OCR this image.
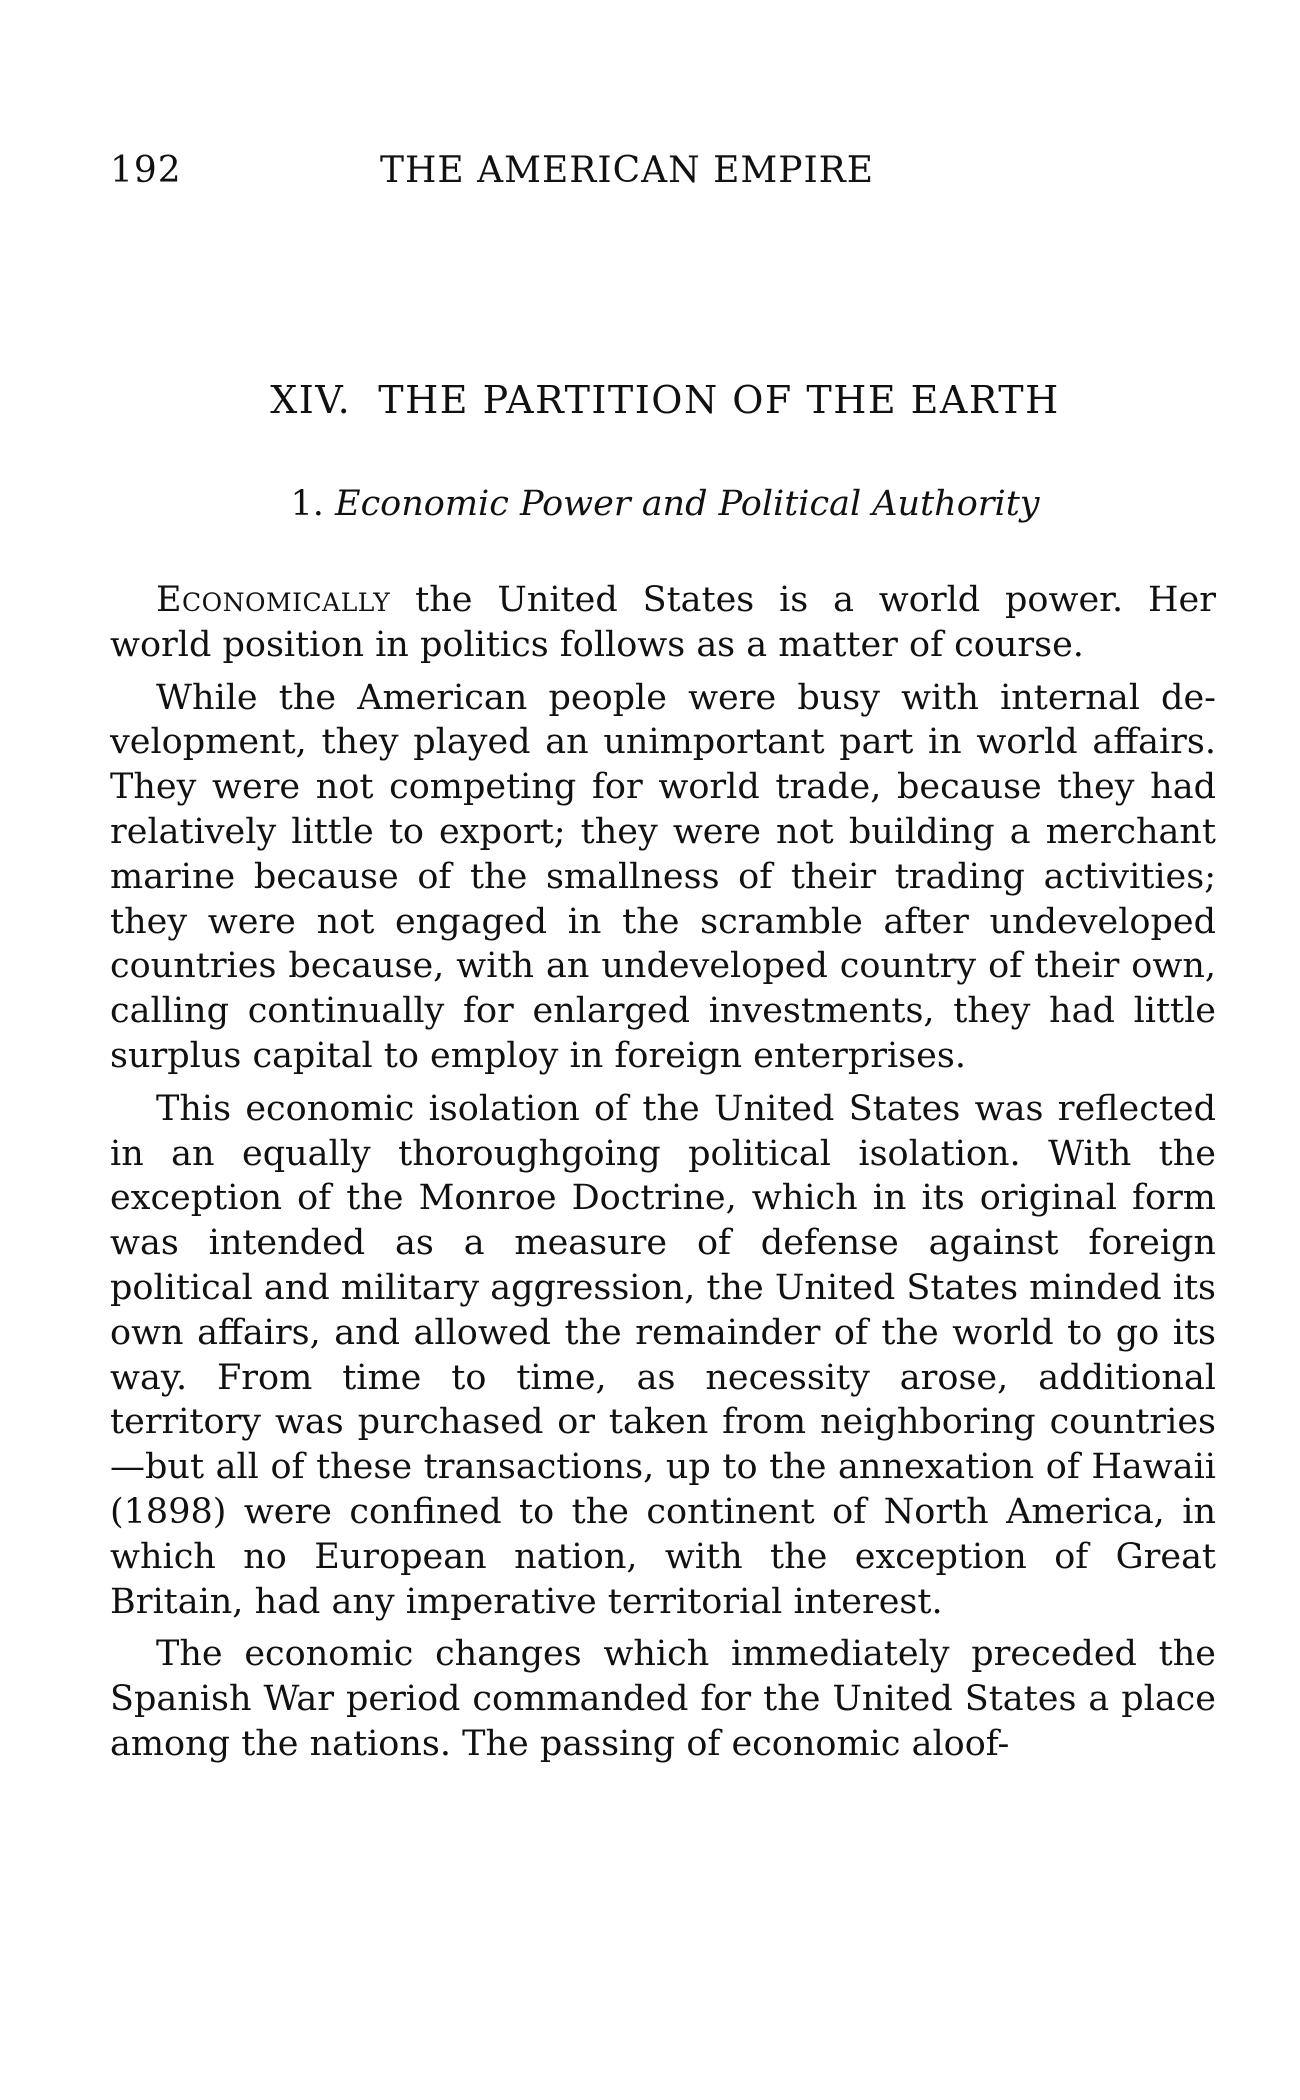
192	THE AMERICAN EMPIRE
XIV.  THE PARTITION OF THE EARTH
1. Economic Power and Political Authority

Economically the United States is a world power. Her world position in politics follows as a matter of course.

While the American people were busy with internal development, they played an unimportant part in world affairs. They were not competing for world trade, because they had relatively little to export; they were not building a merchant marine because of the smallness of their trading activities; they were not engaged in the scramble after undeveloped countries because, with an undeveloped country of their own, calling continually for enlarged investments, they had little surplus capital to employ in foreign enterprises.

This economic isolation of the United States was reflected in an equally thoroughgoing political isolation. With the exception of the Monroe Doctrine, which in its original form was intended as a measure of defense against foreign political and military aggression, the United States minded its own affairs, and allowed the remainder of the world to go its way. From time to time, as necessity arose, additional territory was purchased or taken from neighboring countries—but all of these transactions, up to the annexation of Hawaii (1898) were confined to the continent of North America, in which no European nation, with the exception of Great Britain, had any imperative territorial interest.

The economic changes which immediately preceded the Spanish War period commanded for the United States a place among the nations. The passing of economic aloof-
